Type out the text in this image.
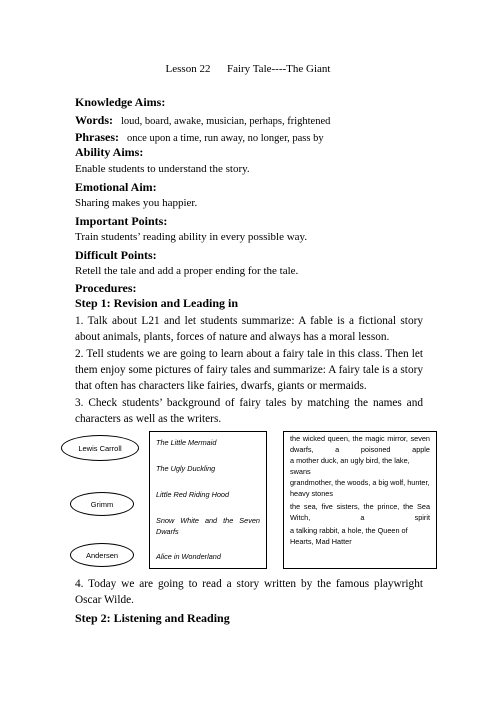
Lesson 22  Fairy Tale----The Giant
Knowledge Aims:
Words: loud, board, awake, musician, perhaps, frightened
Phrases: once upon a time, run away, no longer, pass by
Ability Aims:
Enable students to understand the story.
Emotional Aim:
Sharing makes you happier.
Important Points:
Train students’ reading ability in every possible way.
Difficult Points:
Retell the tale and add a proper ending for the tale.
Procedures:
Step 1: Revision and Leading in
1. Talk about L21 and let students summarize: A fable is a fictional story about animals, plants, forces of nature and always has a moral lesson.
2. Tell students we are going to learn about a fairy tale in this class. Then let them enjoy some pictures of fairy tales and summarize: A fairy tale is a story that often has characters like fairies, dwarfs, giants or mermaids.
3. Check students’ background of fairy tales by matching the names and characters as well as the writers.
Lewis Carroll
Grimm
Andersen
The Little Mermaid
The Ugly Duckling
Little Red Riding Hood
Snow White and the Seven Dwarfs
Alice in Wonderland
the wicked queen, the magic mirror, seven dwarfs, a poisoned apple
a mother duck, an ugly bird, the lake, swans
grandmother, the woods, a big wolf, hunter, heavy stones
the sea, five sisters, the prince, the Sea Witch, a spirit
a talking rabbit, a hole, the Queen of Hearts, Mad Hatter
4. Today we are going to read a story written by the famous playwright Oscar Wilde.
Step 2: Listening and Reading
